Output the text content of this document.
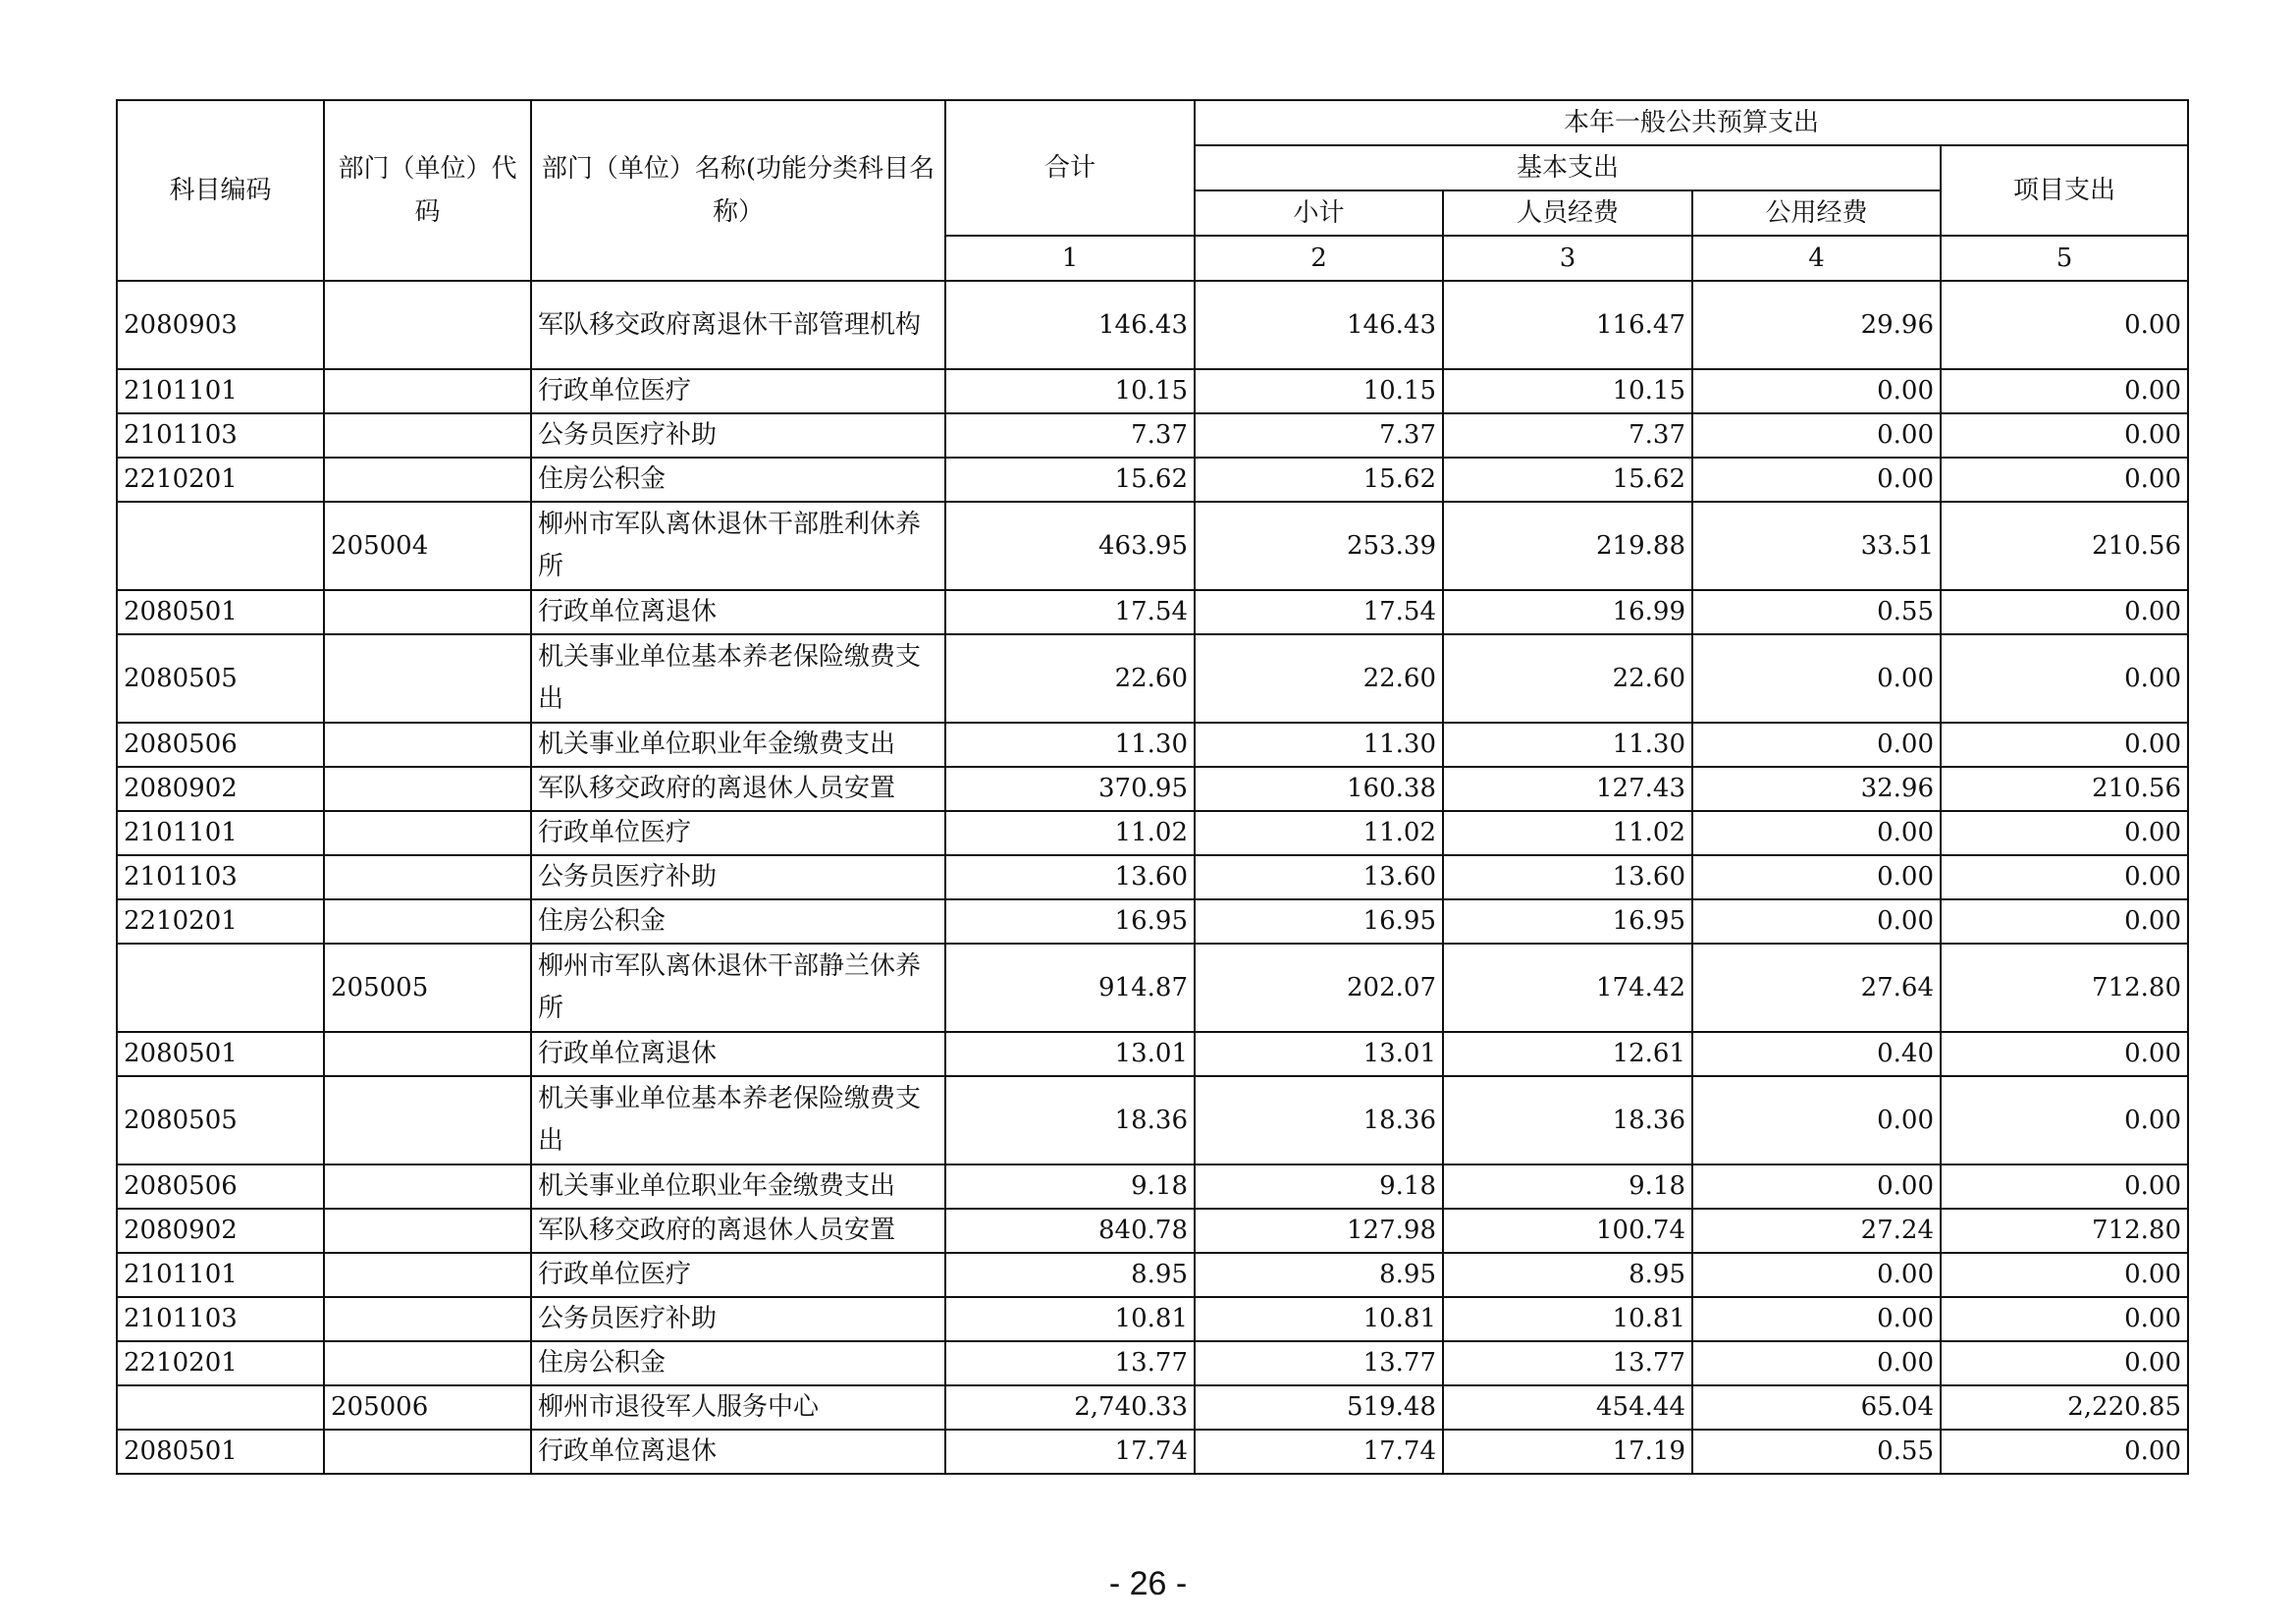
科目编码	部门（单位）代码	部门（单位）名称(功能分类科目名称）	合计	本年一般公共预算支出			
				基本支出			项目支出
				小计	人员经费	公用经费	
			1	2	3	4	5
2080903		军队移交政府离退休干部管理机构	146.43	146.43	116.47	29.96	0.00
2101101		行政单位医疗	10.15	10.15	10.15	0.00	0.00
2101103		公务员医疗补助	7.37	7.37	7.37	0.00	0.00
2210201		住房公积金	15.62	15.62	15.62	0.00	0.00
	205004	柳州市军队离休退休干部胜利休养所	463.95	253.39	219.88	33.51	210.56
2080501		行政单位离退休	17.54	17.54	16.99	0.55	0.00
2080505		机关事业单位基本养老保险缴费支出	22.60	22.60	22.60	0.00	0.00
2080506		机关事业单位职业年金缴费支出	11.30	11.30	11.30	0.00	0.00
2080902		军队移交政府的离退休人员安置	370.95	160.38	127.43	32.96	210.56
2101101		行政单位医疗	11.02	11.02	11.02	0.00	0.00
2101103		公务员医疗补助	13.60	13.60	13.60	0.00	0.00
2210201		住房公积金	16.95	16.95	16.95	0.00	0.00
	205005	柳州市军队离休退休干部静兰休养所	914.87	202.07	174.42	27.64	712.80
2080501		行政单位离退休	13.01	13.01	12.61	0.40	0.00
2080505		机关事业单位基本养老保险缴费支出	18.36	18.36	18.36	0.00	0.00
2080506		机关事业单位职业年金缴费支出	9.18	9.18	9.18	0.00	0.00
2080902		军队移交政府的离退休人员安置	840.78	127.98	100.74	27.24	712.80
2101101		行政单位医疗	8.95	8.95	8.95	0.00	0.00
2101103		公务员医疗补助	10.81	10.81	10.81	0.00	0.00
2210201		住房公积金	13.77	13.77	13.77	0.00	0.00
	205006	柳州市退役军人服务中心	2,740.33	519.48	454.44	65.04	2,220.85
2080501		行政单位离退休	17.74	17.74	17.19	0.55	0.00
- 26 -
